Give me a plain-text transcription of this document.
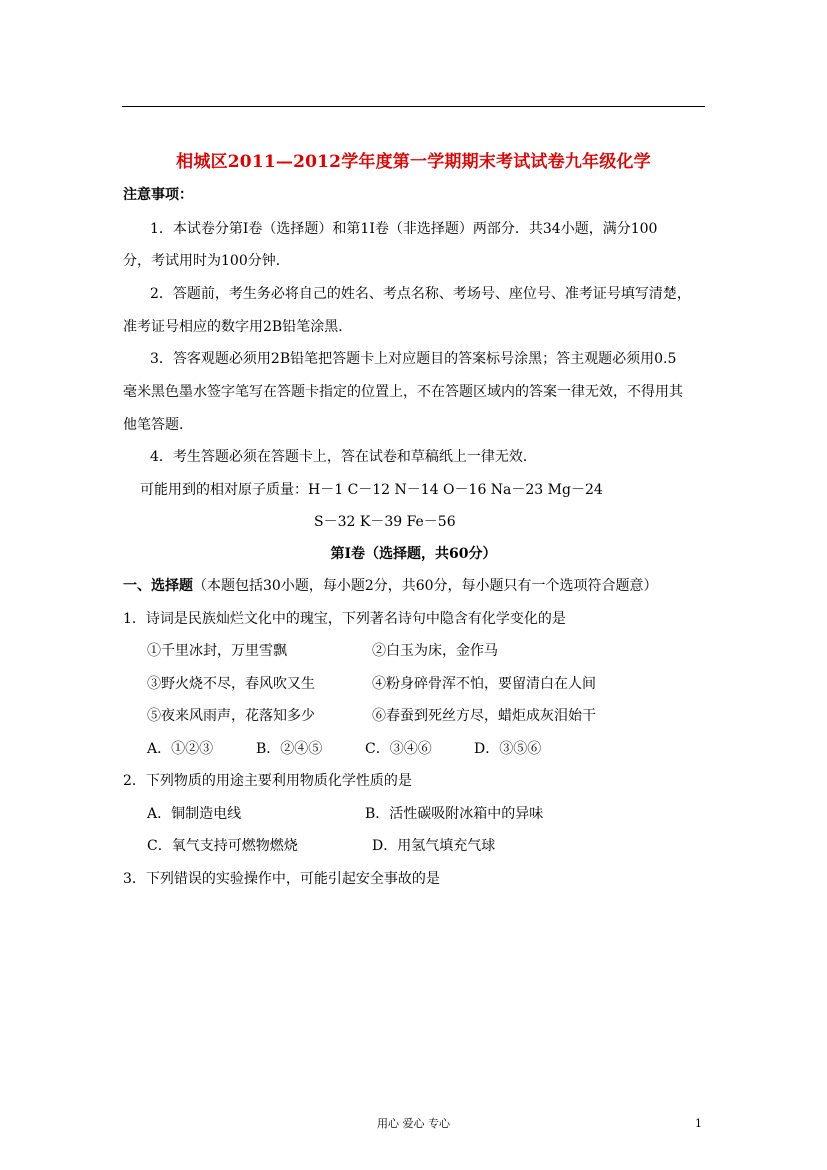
相城区2011—2012学年度第一学期期末考试试卷九年级化学
注意事项：
1．本试卷分第Ⅰ卷（选择题）和第1I卷（非选择题）两部分．共34小题，满分100
分，考试用时为100分钟．
2．答题前，考生务必将自己的姓名、考点名称、考场号、座位号、准考证号填写清楚，
准考证号相应的数字用2B铅笔涂黑．
3．答客观题必须用2B铅笔把答题卡上对应题目的答案标号涂黑；答主观题必须用0.5
毫米黑色墨水签字笔写在答题卡指定的位置上，不在答题区域内的答案一律无效，不得用其
他笔答题．
4．考生答题必须在答题卡上，答在试卷和草稿纸上一律无效．
可能用到的相对原子质量：H－1 C－12 N－14 O－16 Na－23 Mg－24
S－32 K－39 Fe－56
第Ⅰ卷（选择题，共60分）
一、选择题（本题包括30小题，每小题2分，共60分，每小题只有一个选项符合题意）
1．诗词是民族灿烂文化中的瑰宝，下列著名诗句中隐含有化学变化的是
①千里冰封，万里雪飘	②白玉为床，金作马
③野火烧不尽，春风吹又生	④粉身碎骨浑不怕，要留清白在人间
⑤夜来风雨声，花落知多少	⑥春蚕到死丝方尽，蜡炬成灰泪始干
A．①②③	B．②④⑤	C．③④⑥	D．③⑤⑥
2．下列物质的用途主要利用物质化学性质的是
A．铜制造电线	B．活性碳吸附冰箱中的异味
C．氧气支持可燃物燃烧	D．用氢气填充气球
3．下列错误的实验操作中，可能引起安全事故的是
用心 爱心 专心	1
